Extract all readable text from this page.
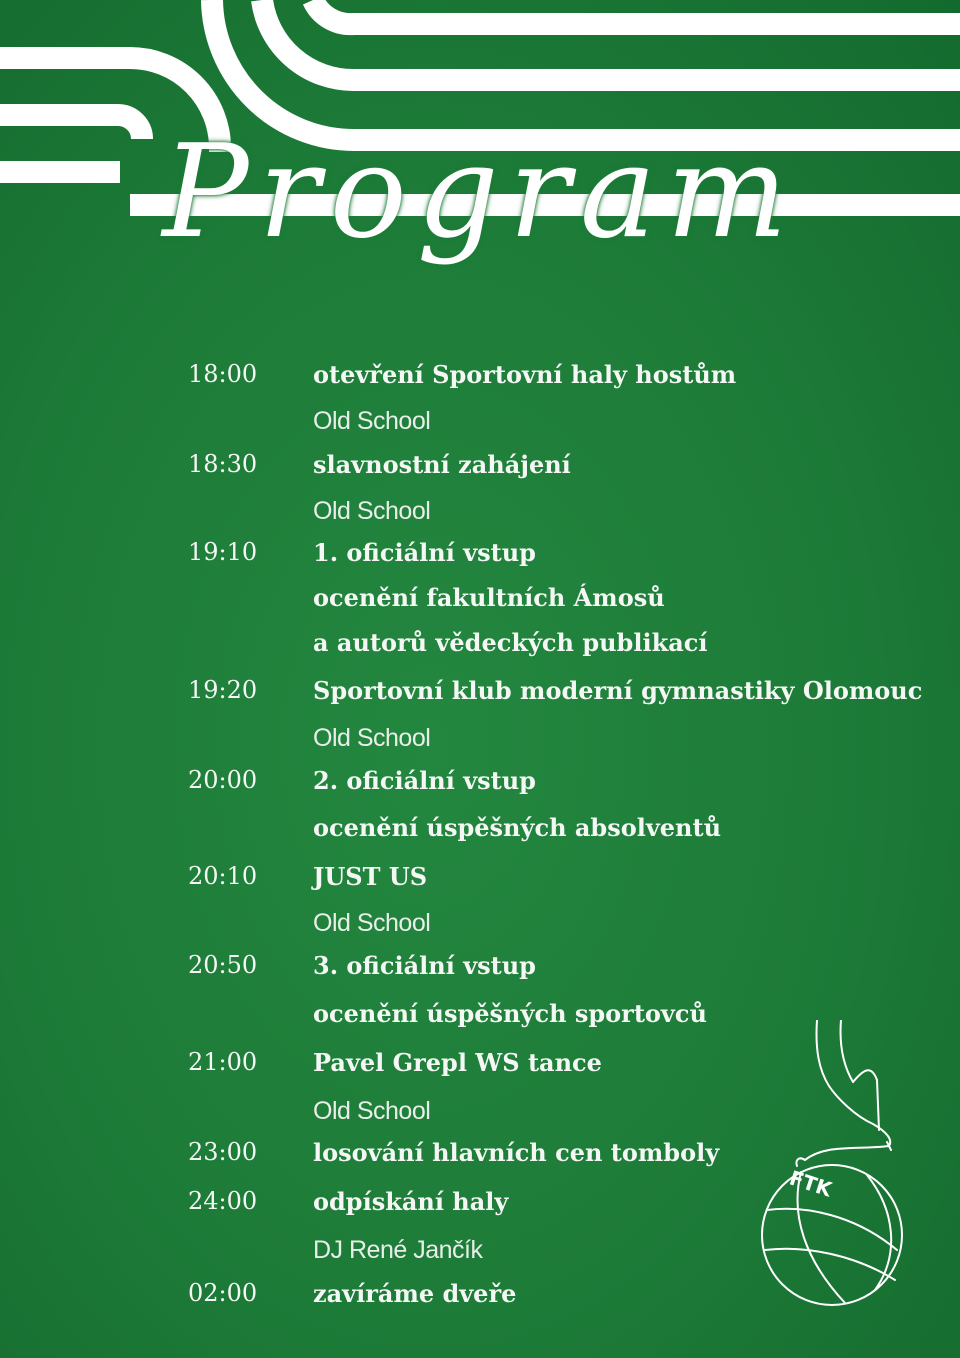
Program
18:00 otevření Sportovní haly hostům
Old School
18:30 slavnostní zahájení
Old School
19:10 1. oficiální vstup
ocenění fakultních Ámosů
a autorů vědeckých publikací
19:20 Sportovní klub moderní gymnastiky Olomouc
Old School
20:00 2. oficiální vstup
ocenění úspěšných absolventů
20:10 JUST US
Old School
20:50 3. oficiální vstup
ocenění úspěšných sportovců
21:00 Pavel Grepl WS tance
Old School
23:00 losování hlavních cen tomboly
24:00 odpískání haly
DJ René Jančík
02:00 zavíráme dveře
FTK
